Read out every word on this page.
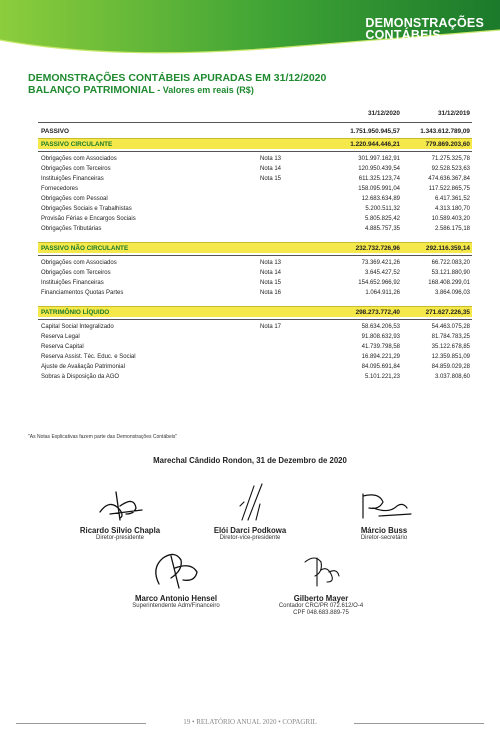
DEMONSTRAÇÕES
CONTÁBEIS
COOPERATIVA AGROINDUSTRIAL COPAGRIL · CNPJ 81.584.278/0001-55
DEMONSTRAÇÕES CONTÁBEIS APURADAS EM 31/12/2020
BALANÇO PATRIMONIAL - Valores em reais (R$)
31/12/2020	31/12/2019
PASSIVO	1.751.950.945,57	1.343.612.789,09
PASSIVO CIRCULANTE	1.220.944.446,21	779.869.203,60
Obrigações com Associados	Nota 13	301.997.162,91	71.275.325,78
Obrigações com Terceiros	Nota 14	120.950.439,54	92.528.523,63
Instituições Financeiras	Nota 15	611.325.123,74	474.636.367,84
Fornecedores	158.095.991,04	117.522.865,75
Obrigações com Pessoal	12.683.634,89	6.417.361,52
Obrigações Sociais e Trabalhistas	5.200.511,32	4.313.180,70
Provisão Férias e Encargos Sociais	5.805.825,42	10.589.403,20
Obrigações Tributárias	4.885.757,35	2.586.175,18
PASSIVO NÃO CIRCULANTE	232.732.726,96	292.116.359,14
Obrigações com Associados	Nota 13	73.369.421,26	66.722.083,20
Obrigações com Terceiros	Nota 14	3.645.427,52	53.121.880,90
Instituições Financeiras	Nota 15	154.652.966,92	168.408.299,01
Financiamentos Quotas Partes	Nota 16	1.064.911,26	3.864.096,03
PATRIMÔNIO LÍQUIDO	298.273.772,40	271.627.226,35
Capital Social Integralizado	Nota 17	58.634.206,53	54.463.075,28
Reserva Legal	91.808.632,93	81.784.783,25
Reserva Capital	41.739.798,58	35.122.678,85
Reserva Assist. Téc. Educ. e Social	16.894.221,29	12.359.851,09
Ajuste de Avaliação Patrimonial	84.095.691,84	84.859.029,28
Sobras à Disposição da AGO	5.101.221,23	3.037.808,60
"As Notas Explicativas fazem parte das Demonstrações Contábeis"
Marechal Cândido Rondon, 31 de Dezembro de 2020
Ricardo Sílvio Chapla
Diretor-presidente
Elói Darci Podkowa
Diretor-vice-presidente
Márcio Buss
Diretor-secretário
Marco Antonio Hensel
Superintendente Adm/Financeiro
Gilberto Mayer
Contador CRC/PR 072.612/O-4
CPF 048.683.889-75
19 • RELATÓRIO ANUAL 2020 • COPAGRIL
